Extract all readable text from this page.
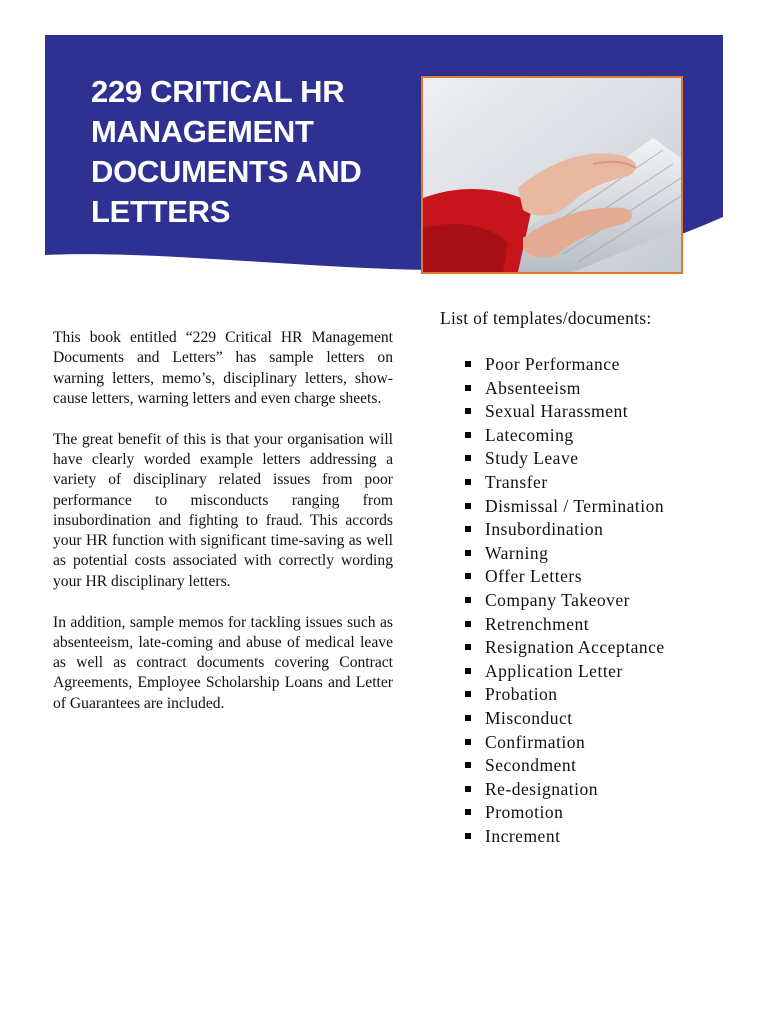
229 CRITICAL HR
MANAGEMENT
DOCUMENTS AND
LETTERS

This book entitled “229 Critical HR Management Documents and Letters” has sample letters on warning letters, memo’s, disciplinary letters, show-cause letters, warning letters and even charge sheets.

The great benefit of this is that your organisation will have clearly worded example letters addressing a variety of disciplinary related issues from poor performance to misconducts ranging from insubordination and fighting to fraud. This accords your HR function with significant time-saving as well as potential costs associated with correctly wording your HR disciplinary letters.

In addition, sample memos for tackling issues such as absenteeism, late-coming and abuse of medical leave as well as contract documents covering Contract Agreements, Employee Scholarship Loans and Letter of Guarantees are included.

List of templates/documents:

Poor Performance
Absenteeism
Sexual Harassment
Latecoming
Study Leave
Transfer
Dismissal / Termination
Insubordination
Warning
Offer Letters
Company Takeover
Retrenchment
Resignation Acceptance
Application Letter
Probation
Misconduct
Confirmation
Secondment
Re-designation
Promotion
Increment
